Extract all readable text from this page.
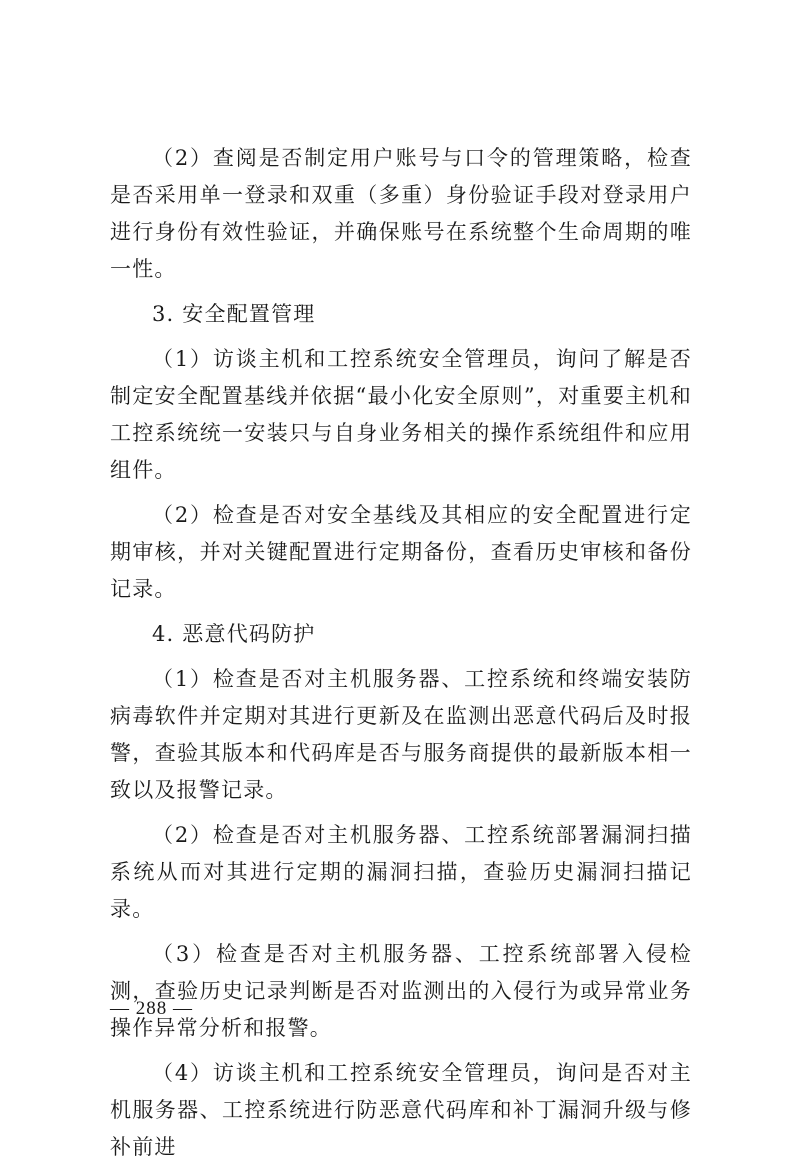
（2）查阅是否制定用户账号与口令的管理策略，检查是否采用单一登录和双重（多重）身份验证手段对登录用户进行身份有效性验证，并确保账号在系统整个生命周期的唯一性。

3. 安全配置管理

（1）访谈主机和工控系统安全管理员，询问了解是否制定安全配置基线并依据“最小化安全原则”，对重要主机和工控系统统一安装只与自身业务相关的操作系统组件和应用组件。

（2）检查是否对安全基线及其相应的安全配置进行定期审核，并对关键配置进行定期备份，查看历史审核和备份记录。

4. 恶意代码防护

（1）检查是否对主机服务器、工控系统和终端安装防病毒软件并定期对其进行更新及在监测出恶意代码后及时报警，查验其版本和代码库是否与服务商提供的最新版本相一致以及报警记录。

（2）检查是否对主机服务器、工控系统部署漏洞扫描系统从而对其进行定期的漏洞扫描，查验历史漏洞扫描记录。

（3）检查是否对主机服务器、工控系统部署入侵检测，查验历史记录判断是否对监测出的入侵行为或异常业务操作异常分析和报警。

（4）访谈主机和工控系统安全管理员，询问是否对主机服务器、工控系统进行防恶意代码库和补丁漏洞升级与修补前进

— 288 —
